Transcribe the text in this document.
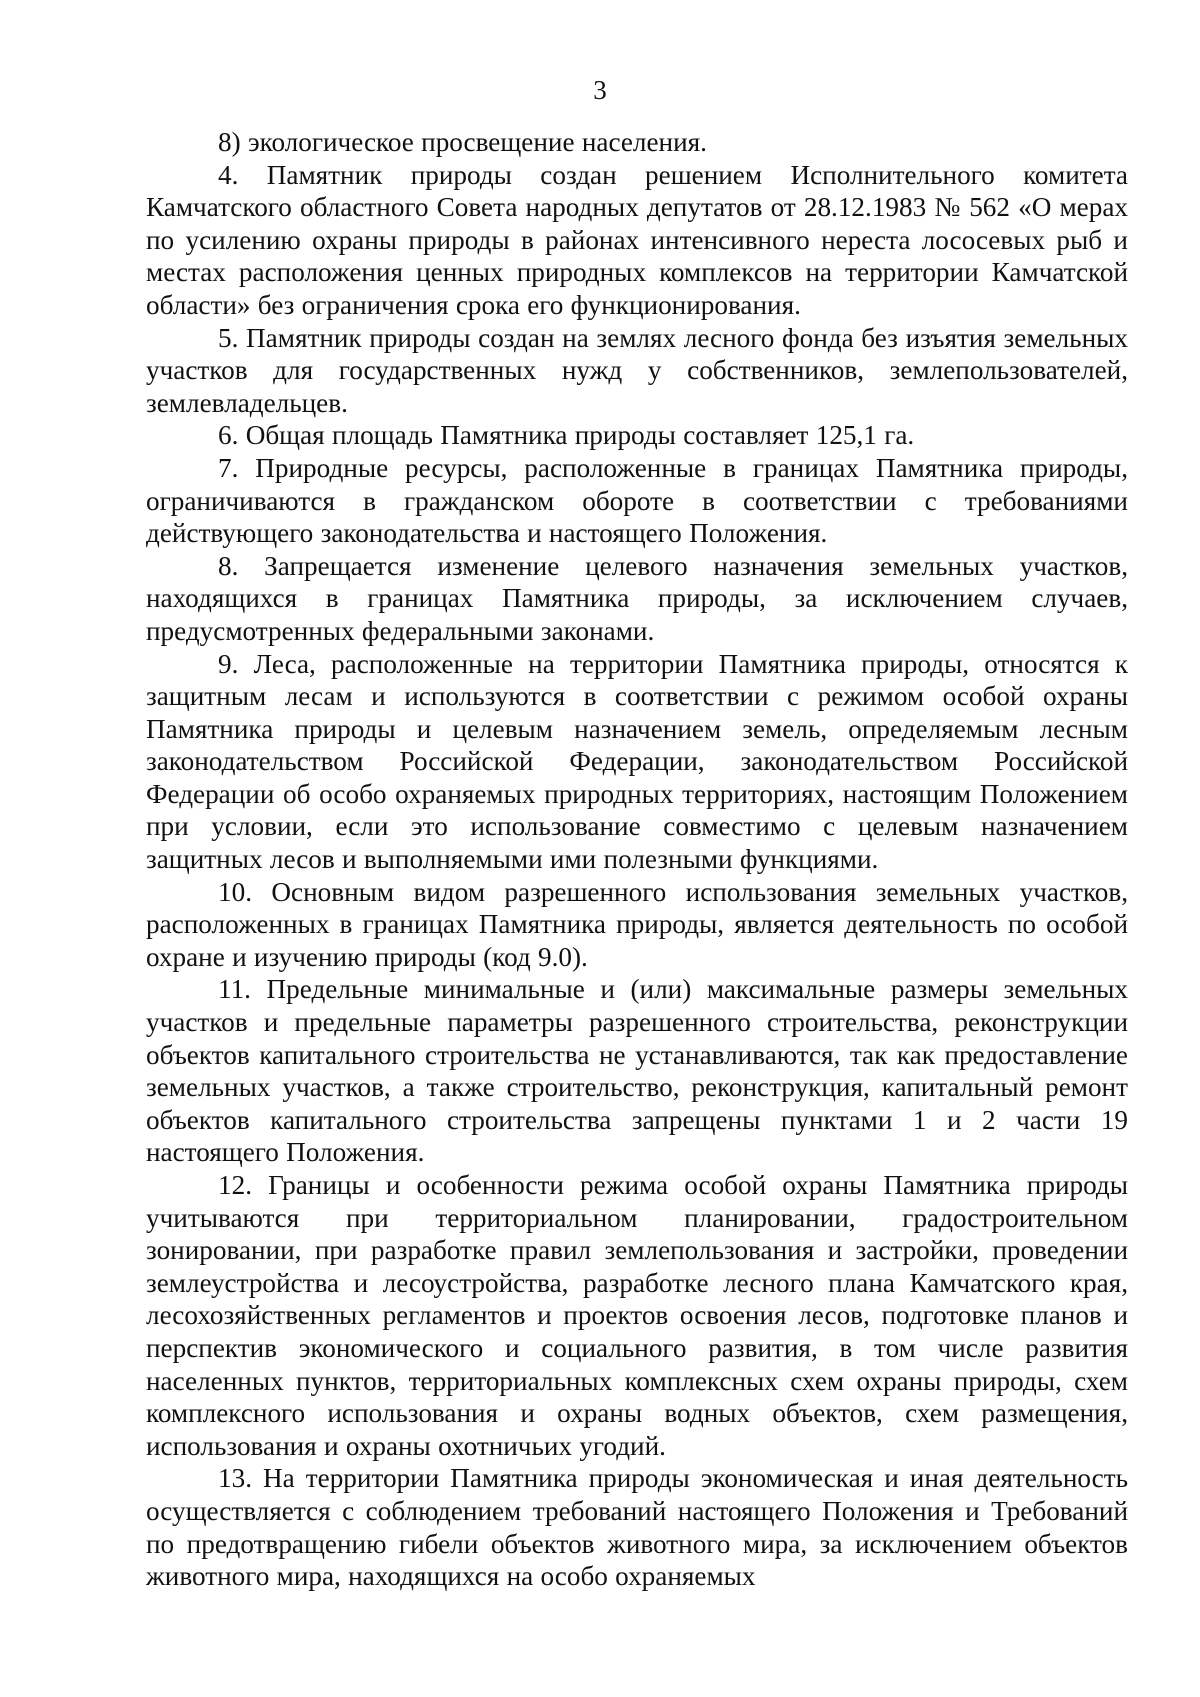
3

8) экологическое просвещение населения.

4. Памятник природы создан решением Исполнительного комитета Камчатского областного Совета народных депутатов от 28.12.1983 № 562 «О мерах по усилению охраны природы в районах интенсивного нереста лососевых рыб и местах расположения ценных природных комплексов на территории Камчатской области» без ограничения срока его функционирования.

5. Памятник природы создан на землях лесного фонда без изъятия земельных участков для государственных нужд у собственников, землепользователей, землевладельцев.

6. Общая площадь Памятника природы составляет 125,1 га.

7. Природные ресурсы, расположенные в границах Памятника природы, ограничиваются в гражданском обороте в соответствии с требованиями действующего законодательства и настоящего Положения.

8. Запрещается изменение целевого назначения земельных участков, находящихся в границах Памятника природы, за исключением случаев, предусмотренных федеральными законами.

9. Леса, расположенные на территории Памятника природы, относятся к защитным лесам и используются в соответствии с режимом особой охраны Памятника природы и целевым назначением земель, определяемым лесным законодательством Российской Федерации, законодательством Российской Федерации об особо охраняемых природных территориях, настоящим Положением при условии, если это использование совместимо с целевым назначением защитных лесов и выполняемыми ими полезными функциями.

10. Основным видом разрешенного использования земельных участков, расположенных в границах Памятника природы, является деятельность по особой охране и изучению природы (код 9.0).

11. Предельные минимальные и (или) максимальные размеры земельных участков и предельные параметры разрешенного строительства, реконструкции объектов капитального строительства не устанавливаются, так как предоставление земельных участков, а также строительство, реконструкция, капитальный ремонт объектов капитального строительства запрещены пунктами 1 и 2 части 19 настоящего Положения.

12. Границы и особенности режима особой охраны Памятника природы учитываются при территориальном планировании, градостроительном зонировании, при разработке правил землепользования и застройки, проведении землеустройства и лесоустройства, разработке лесного плана Камчатского края, лесохозяйственных регламентов и проектов освоения лесов, подготовке планов и перспектив экономического и социального развития, в том числе развития населенных пунктов, территориальных комплексных схем охраны природы, схем комплексного использования и охраны водных объектов, схем размещения, использования и охраны охотничьих угодий.

13. На территории Памятника природы экономическая и иная деятельность осуществляется с соблюдением требований настоящего Положения и Требований по предотвращению гибели объектов животного мира, за исключением объектов животного мира, находящихся на особо охраняемых
